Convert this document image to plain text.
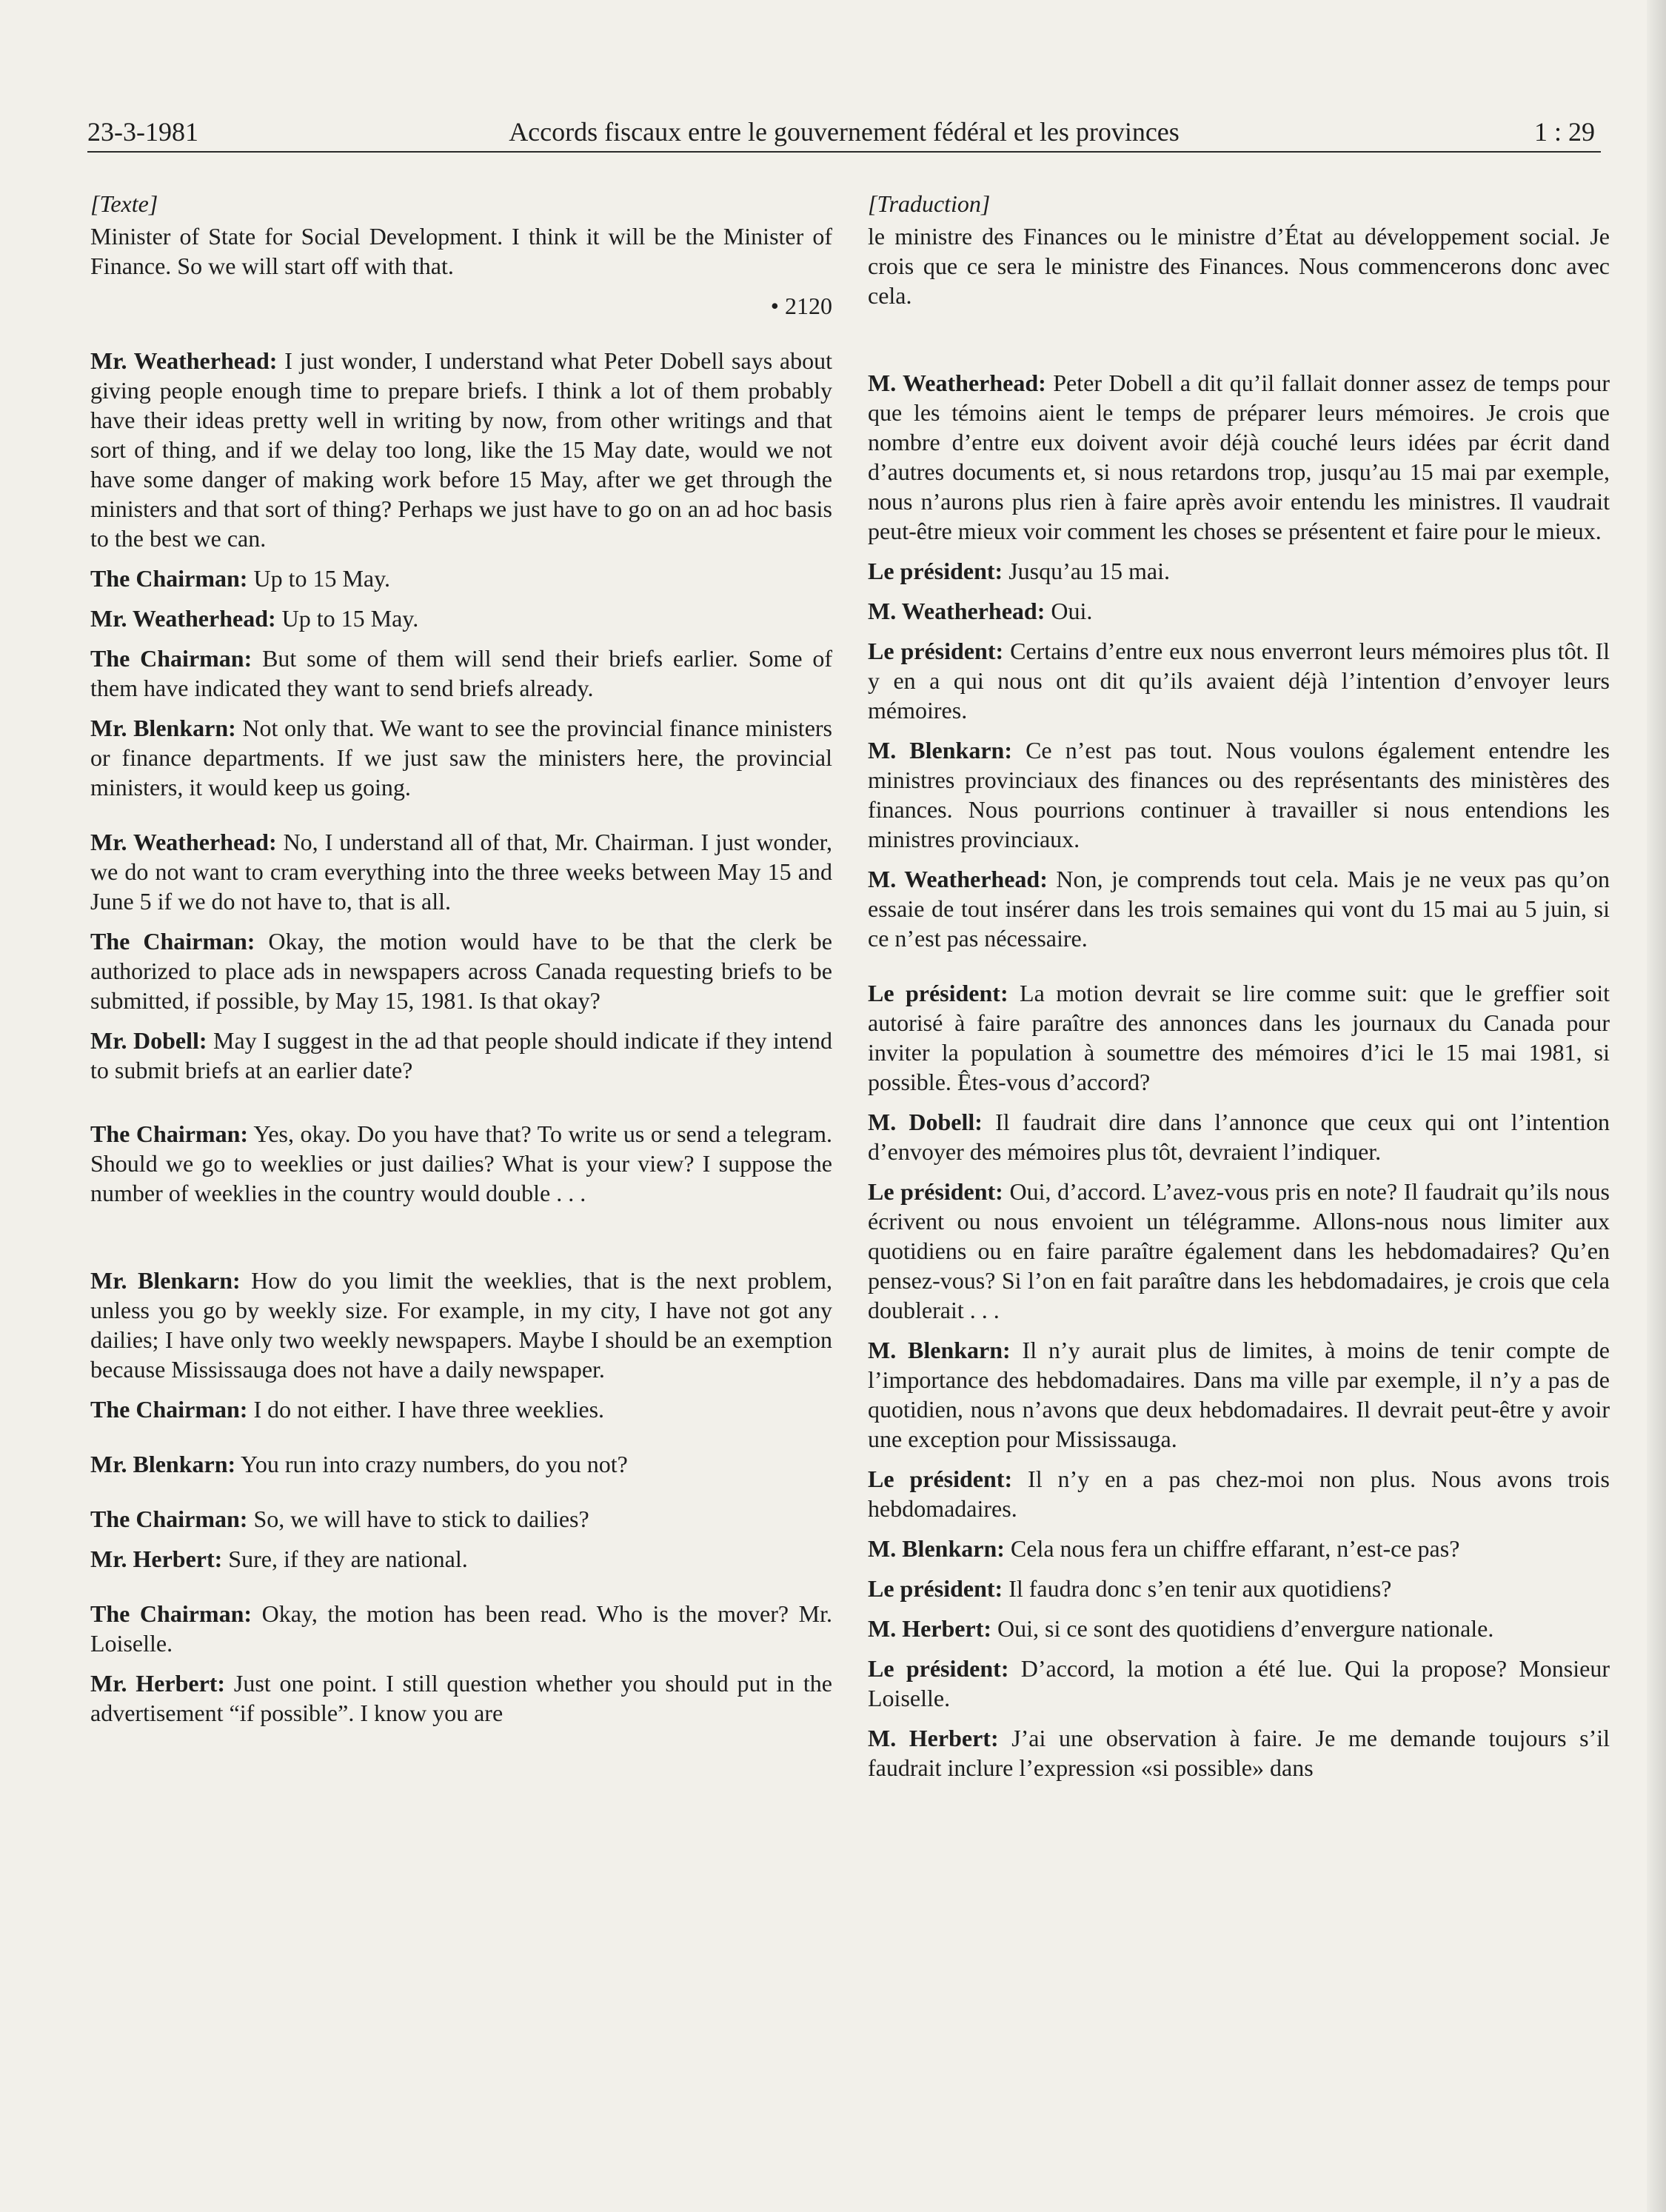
23-3-1981	Accords fiscaux entre le gouvernement fédéral et les provinces	1 : 29
[Texte]

Minister of State for Social Development. I think it will be the Minister of Finance. So we will start off with that.

• 2120

Mr. Weatherhead: I just wonder, I understand what Peter Dobell says about giving people enough time to prepare briefs. I think a lot of them probably have their ideas pretty well in writing by now, from other writings and that sort of thing, and if we delay too long, like the 15 May date, would we not have some danger of making work before 15 May, after we get through the ministers and that sort of thing? Perhaps we just have to go on an ad hoc basis to the best we can.

The Chairman: Up to 15 May.

Mr. Weatherhead: Up to 15 May.

The Chairman: But some of them will send their briefs earlier. Some of them have indicated they want to send briefs already.

Mr. Blenkarn: Not only that. We want to see the provincial finance ministers or finance departments. If we just saw the ministers here, the provincial ministers, it would keep us going.

Mr. Weatherhead: No, I understand all of that, Mr. Chairman. I just wonder, we do not want to cram everything into the three weeks between May 15 and June 5 if we do not have to, that is all.

The Chairman: Okay, the motion would have to be that the clerk be authorized to place ads in newspapers across Canada requesting briefs to be submitted, if possible, by May 15, 1981. Is that okay?

Mr. Dobell: May I suggest in the ad that people should indicate if they intend to submit briefs at an earlier date?

The Chairman: Yes, okay. Do you have that? To write us or send a telegram. Should we go to weeklies or just dailies? What is your view? I suppose the number of weeklies in the country would double . . .

Mr. Blenkarn: How do you limit the weeklies, that is the next problem, unless you go by weekly size. For example, in my city, I have not got any dailies; I have only two weekly newspapers. Maybe I should be an exemption because Mississauga does not have a daily newspaper.

The Chairman: I do not either. I have three weeklies.

Mr. Blenkarn: You run into crazy numbers, do you not?

The Chairman: So, we will have to stick to dailies?

Mr. Herbert: Sure, if they are national.

The Chairman: Okay, the motion has been read. Who is the mover? Mr. Loiselle.

Mr. Herbert: Just one point. I still question whether you should put in the advertisement “if possible”. I know you are

[Traduction]

le ministre des Finances ou le ministre d’État au développement social. Je crois que ce sera le ministre des Finances. Nous commencerons donc avec cela.

M. Weatherhead: Peter Dobell a dit qu’il fallait donner assez de temps pour que les témoins aient le temps de préparer leurs mémoires. Je crois que nombre d’entre eux doivent avoir déjà couché leurs idées par écrit dand d’autres documents et, si nous retardons trop, jusqu’au 15 mai par exemple, nous n’aurons plus rien à faire après avoir entendu les ministres. Il vaudrait peut-être mieux voir comment les choses se présentent et faire pour le mieux.

Le président: Jusqu’au 15 mai.

M. Weatherhead: Oui.

Le président: Certains d’entre eux nous enverront leurs mémoires plus tôt. Il y en a qui nous ont dit qu’ils avaient déjà l’intention d’envoyer leurs mémoires.

M. Blenkarn: Ce n’est pas tout. Nous voulons également entendre les ministres provinciaux des finances ou des représentants des ministères des finances. Nous pourrions continuer à travailler si nous entendions les ministres provinciaux.

M. Weatherhead: Non, je comprends tout cela. Mais je ne veux pas qu’on essaie de tout insérer dans les trois semaines qui vont du 15 mai au 5 juin, si ce n’est pas nécessaire.

Le président: La motion devrait se lire comme suit: que le greffier soit autorisé à faire paraître des annonces dans les journaux du Canada pour inviter la population à soumettre des mémoires d’ici le 15 mai 1981, si possible. Êtes-vous d’accord?

M. Dobell: Il faudrait dire dans l’annonce que ceux qui ont l’intention d’envoyer des mémoires plus tôt, devraient l’indiquer.

Le président: Oui, d’accord. L’avez-vous pris en note? Il faudrait qu’ils nous écrivent ou nous envoient un télégramme. Allons-nous nous limiter aux quotidiens ou en faire paraître également dans les hebdomadaires? Qu’en pensez-vous? Si l’on en fait paraître dans les hebdomadaires, je crois que cela doublerait . . .

M. Blenkarn: Il n’y aurait plus de limites, à moins de tenir compte de l’importance des hebdomadaires. Dans ma ville par exemple, il n’y a pas de quotidien, nous n’avons que deux hebdomadaires. Il devrait peut-être y avoir une exception pour Mississauga.

Le président: Il n’y en a pas chez-moi non plus. Nous avons trois hebdomadaires.

M. Blenkarn: Cela nous fera un chiffre effarant, n’est-ce pas?

Le président: Il faudra donc s’en tenir aux quotidiens?

M. Herbert: Oui, si ce sont des quotidiens d’envergure nationale.

Le président: D’accord, la motion a été lue. Qui la propose? Monsieur Loiselle.

M. Herbert: J’ai une observation à faire. Je me demande toujours s’il faudrait inclure l’expression «si possible» dans
